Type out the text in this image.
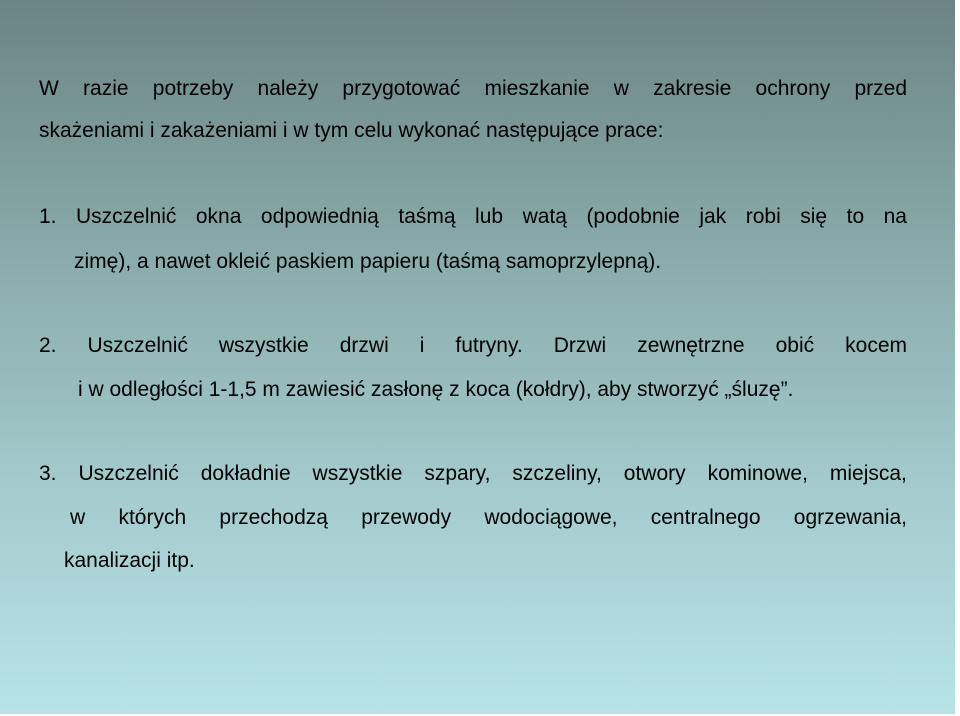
W razie potrzeby należy przygotować mieszkanie w zakresie ochrony przed
skażeniami i zakażeniami i w tym celu wykonać następujące prace:
1. Uszczelnić okna odpowiednią taśmą lub watą (podobnie jak robi się to na
zimę), a nawet okleić paskiem papieru (taśmą samoprzylepną).
2. Uszczelnić wszystkie drzwi i futryny. Drzwi zewnętrzne obić kocem
i w odległości 1-1,5 m zawiesić zasłonę z koca (kołdry), aby stworzyć „śluzę”.
3. Uszczelnić dokładnie wszystkie szpary, szczeliny, otwory kominowe, miejsca,
w których przechodzą przewody wodociągowe, centralnego ogrzewania,
kanalizacji itp.
